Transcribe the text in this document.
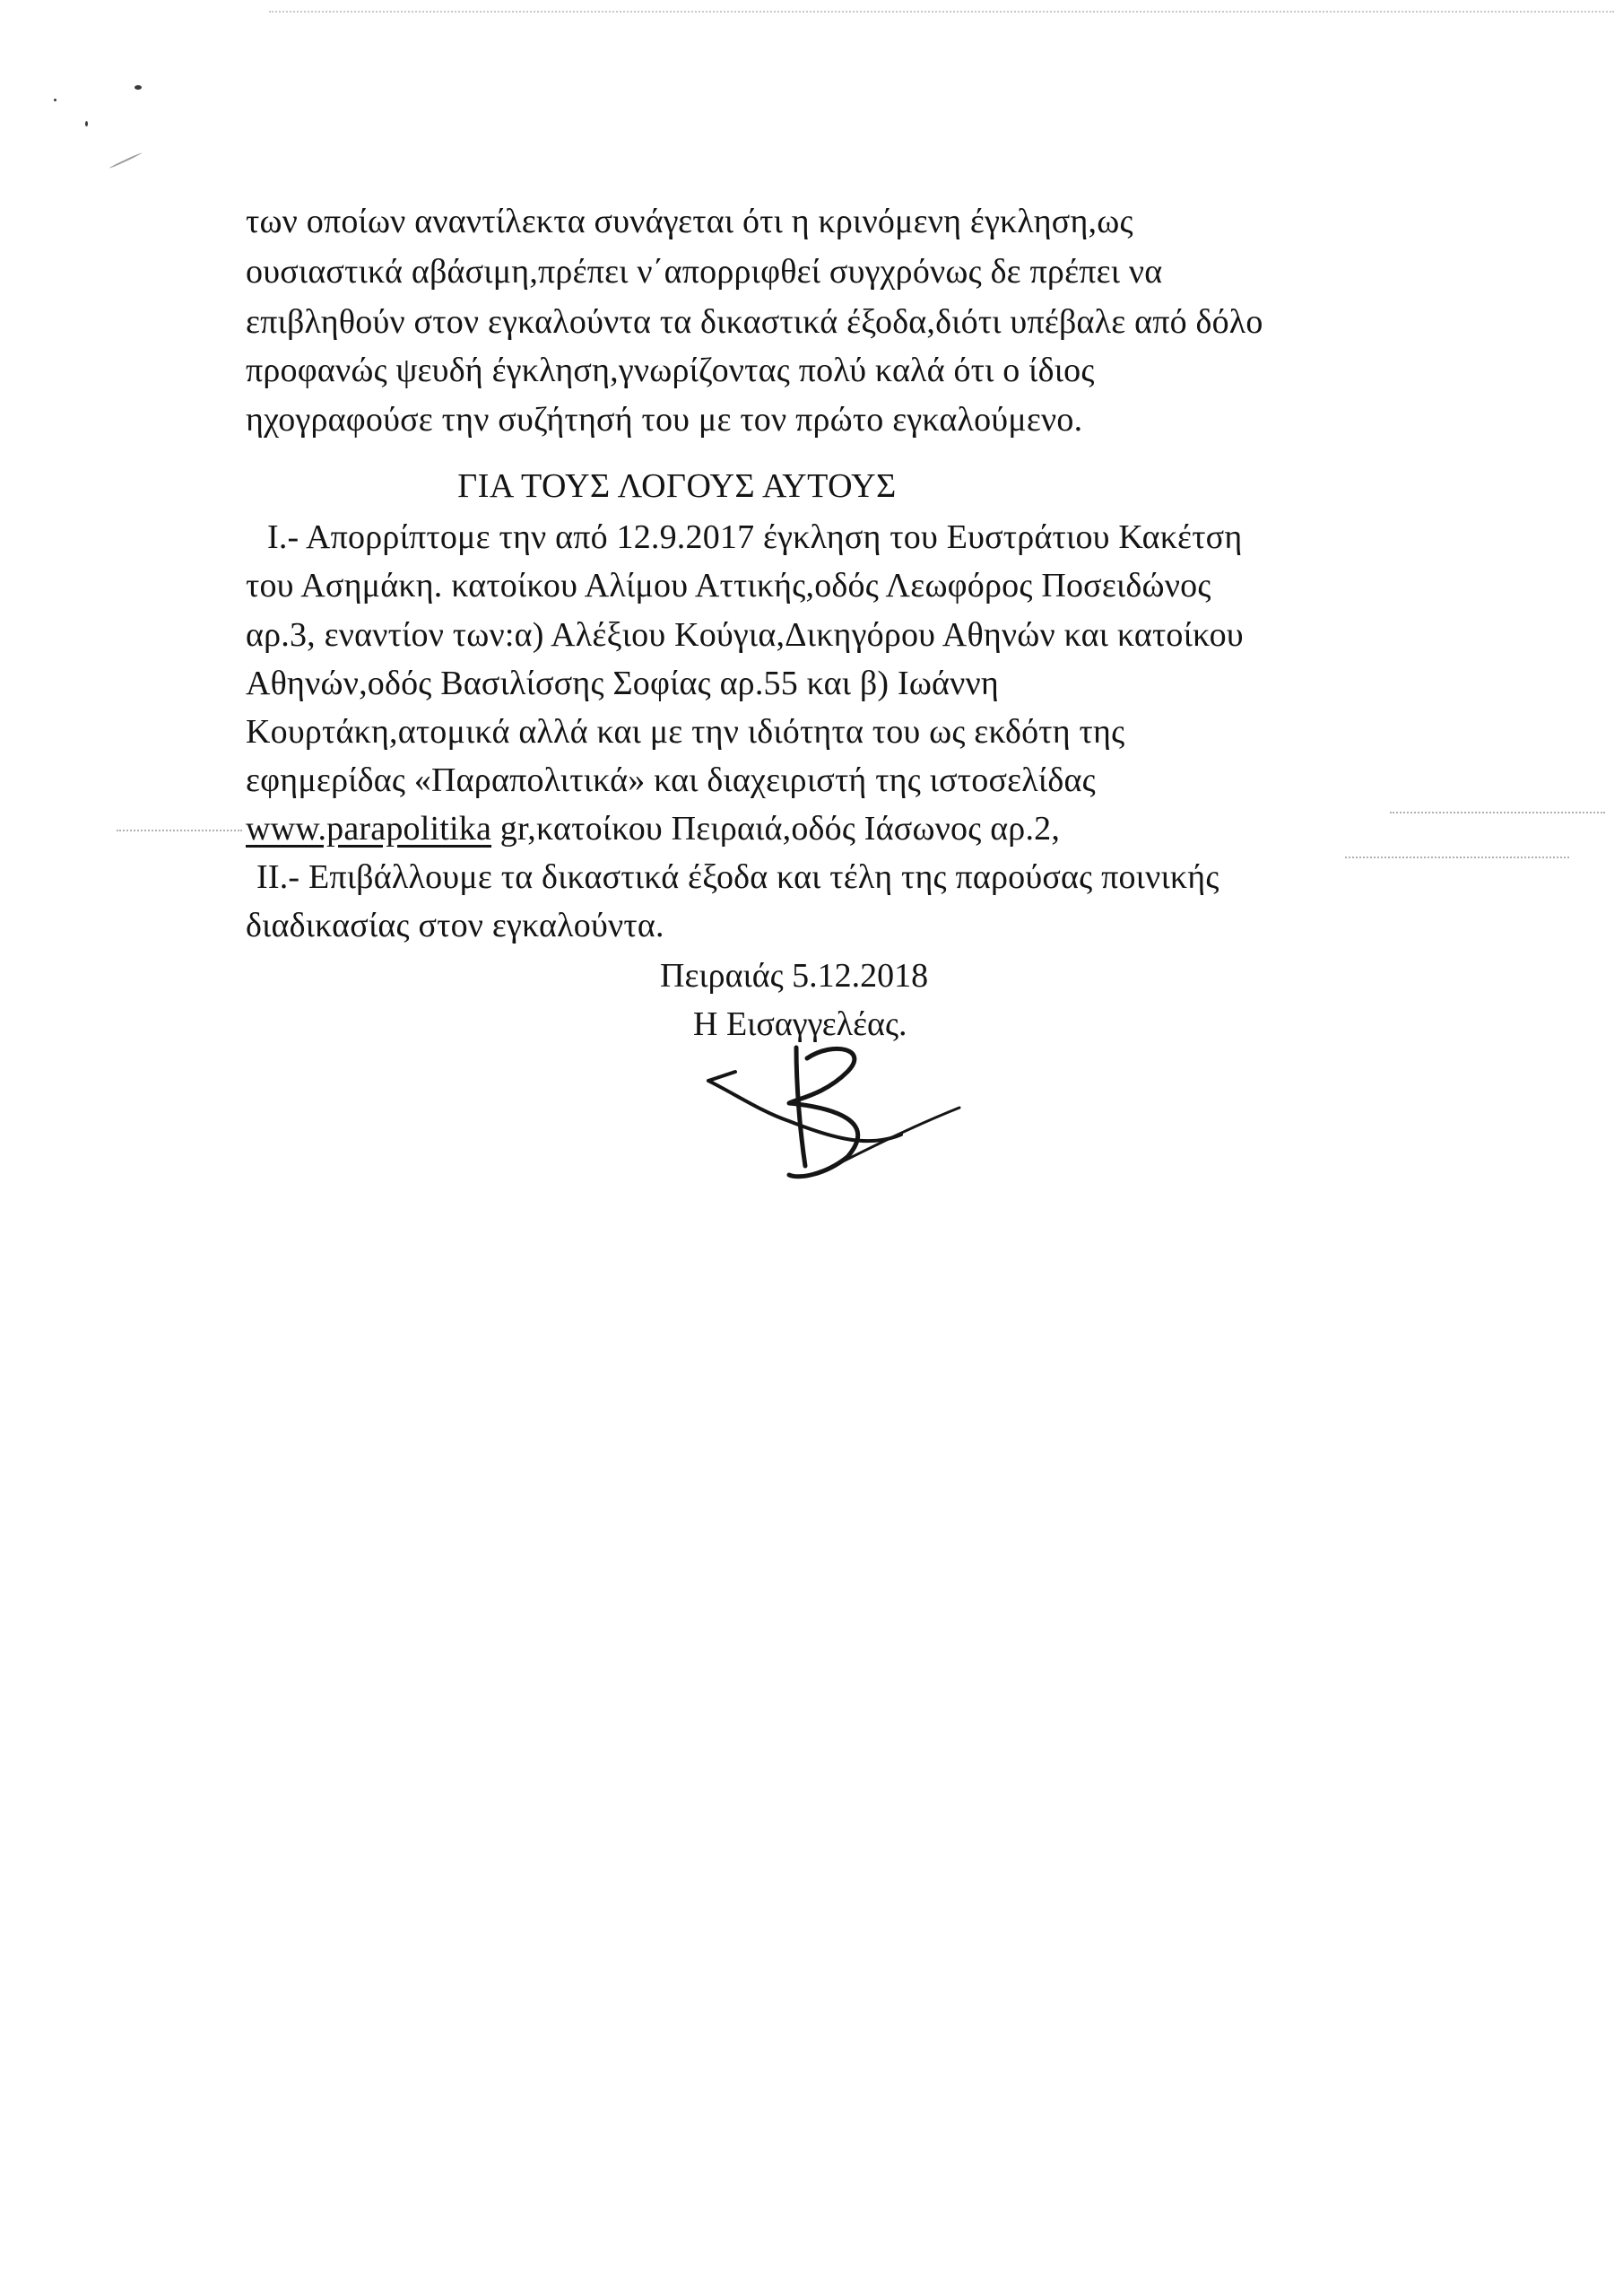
των οποίων αναντίλεκτα συνάγεται ότι η κρινόμενη έγκληση,ως
ουσιαστικά αβάσιμη,πρέπει ν΄απορριφθεί συγχρόνως δε πρέπει να
επιβληθούν στον εγκαλούντα τα δικαστικά έξοδα,διότι υπέβαλε από δόλο
προφανώς ψευδή έγκληση,γνωρίζοντας πολύ καλά ότι ο ίδιος
ηχογραφούσε την συζήτησή του με τον πρώτο εγκαλούμενο.
ΓΙΑ ΤΟΥΣ ΛΟΓΟΥΣ ΑΥΤΟΥΣ
Ι.- Απορρίπτομε την από 12.9.2017 έγκληση του Ευστράτιου Κακέτση
του Ασημάκη. κατοίκου Αλίμου Αττικής,οδός Λεωφόρος Ποσειδώνος
αρ.3, εναντίον των:α) Αλέξιου Κούγια,Δικηγόρου Αθηνών και κατοίκου
Αθηνών,οδός Βασιλίσσης Σοφίας αρ.55 και β) Ιωάννη
Κουρτάκη,ατομικά αλλά και με την ιδιότητα του ως εκδότη της
εφημερίδας «Παραπολιτικά» και διαχειριστή της ιστοσελίδας
www.parapolitika gr,κατοίκου Πειραιά,οδός Ιάσωνος αρ.2,
ΙΙ.- Επιβάλλουμε τα δικαστικά έξοδα και τέλη της παρούσας ποινικής
διαδικασίας στον εγκαλούντα.
Πειραιάς 5.12.2018
Η Εισαγγελέας.
